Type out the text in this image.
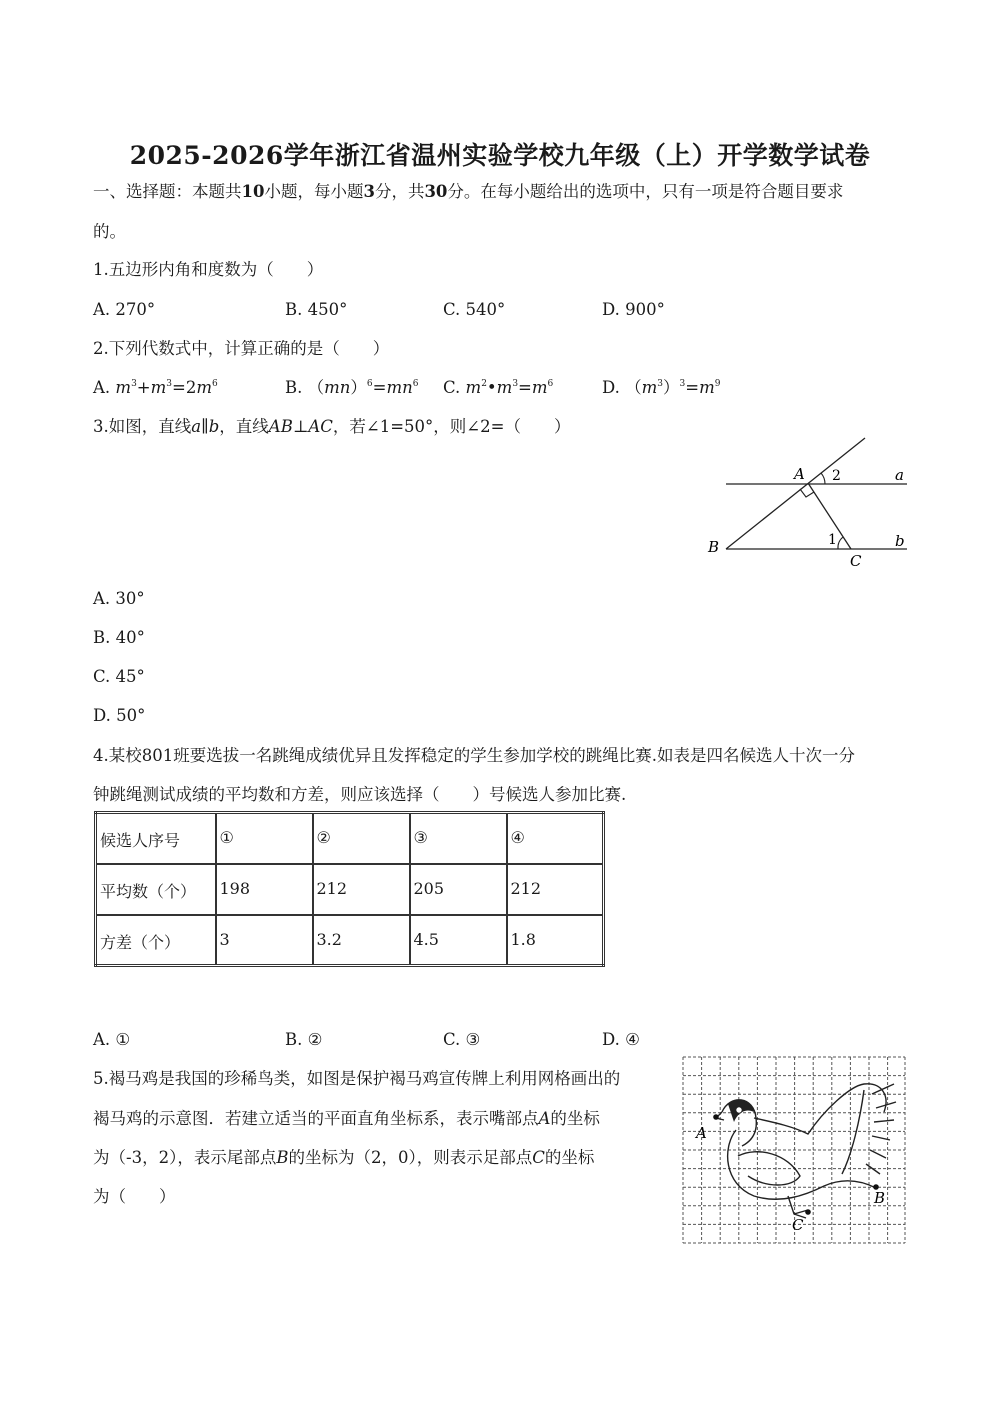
2025-2026学年浙江省温州实验学校九年级（上）开学数学试卷
一、选择题：本题共10小题，每小题3分，共30分。在每小题给出的选项中，只有一项是符合题目要求
的。
1.五边形内角和度数为（　　）
A. 270°	B. 450°	C. 540°	D. 900°
2.下列代数式中，计算正确的是（　　）
A. $m^3+m^3=2m^6$	B. $(mn)^6=mn^6$ C. $m^2•m^3=m^6$	D. $(m^3)^3=m^9$
3.如图，直线a∥b，直线AB⊥AC，若∠1=50°，则∠2=（　　）
A
B
C
1
2	a
b
A. 30°
B. 40°
C. 45°
D. 50°
4.某校801班要选拔一名跳绳成绩优异且发挥稳定的学生参加学校的跳绳比赛.如表是四名候选人十次一分
钟跳绳测试成绩的平均数和方差，则应该选择（　　）号候选人参加比赛.
候选人序号	①	②	③	④
平均数（个）	198	212	205	212
方差（个）	3	3.2	4.5	1.8
A. ①	B. ②	C. ③	D. ④
5.褐马鸡是我国的珍稀鸟类，如图是保护褐马鸡宣传牌上利用网格画出的
褐马鸡的示意图．若建立适当的平面直角坐标系，表示嘴部点A的坐标
为（-3，2），表示尾部点B的坐标为（2，0），则表示足部点C的坐标
为（　　）
A
B
C
